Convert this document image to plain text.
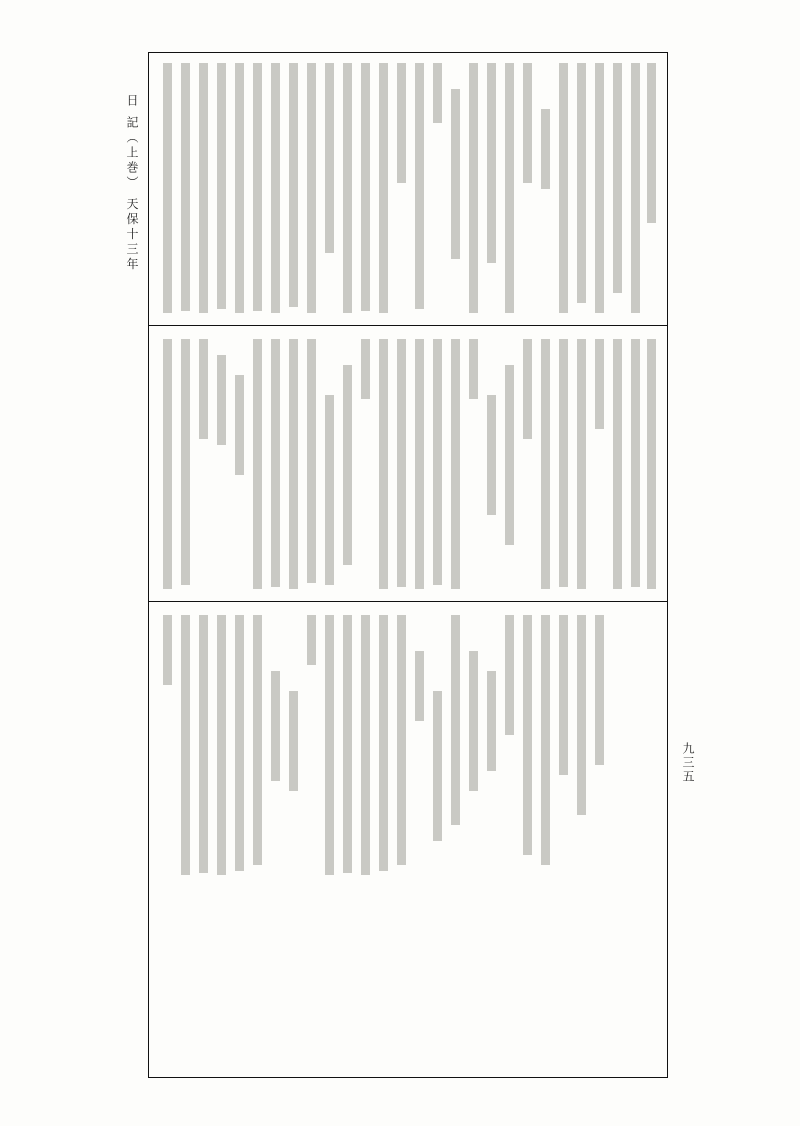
日 記（上巻） 天保十三年
九三五
